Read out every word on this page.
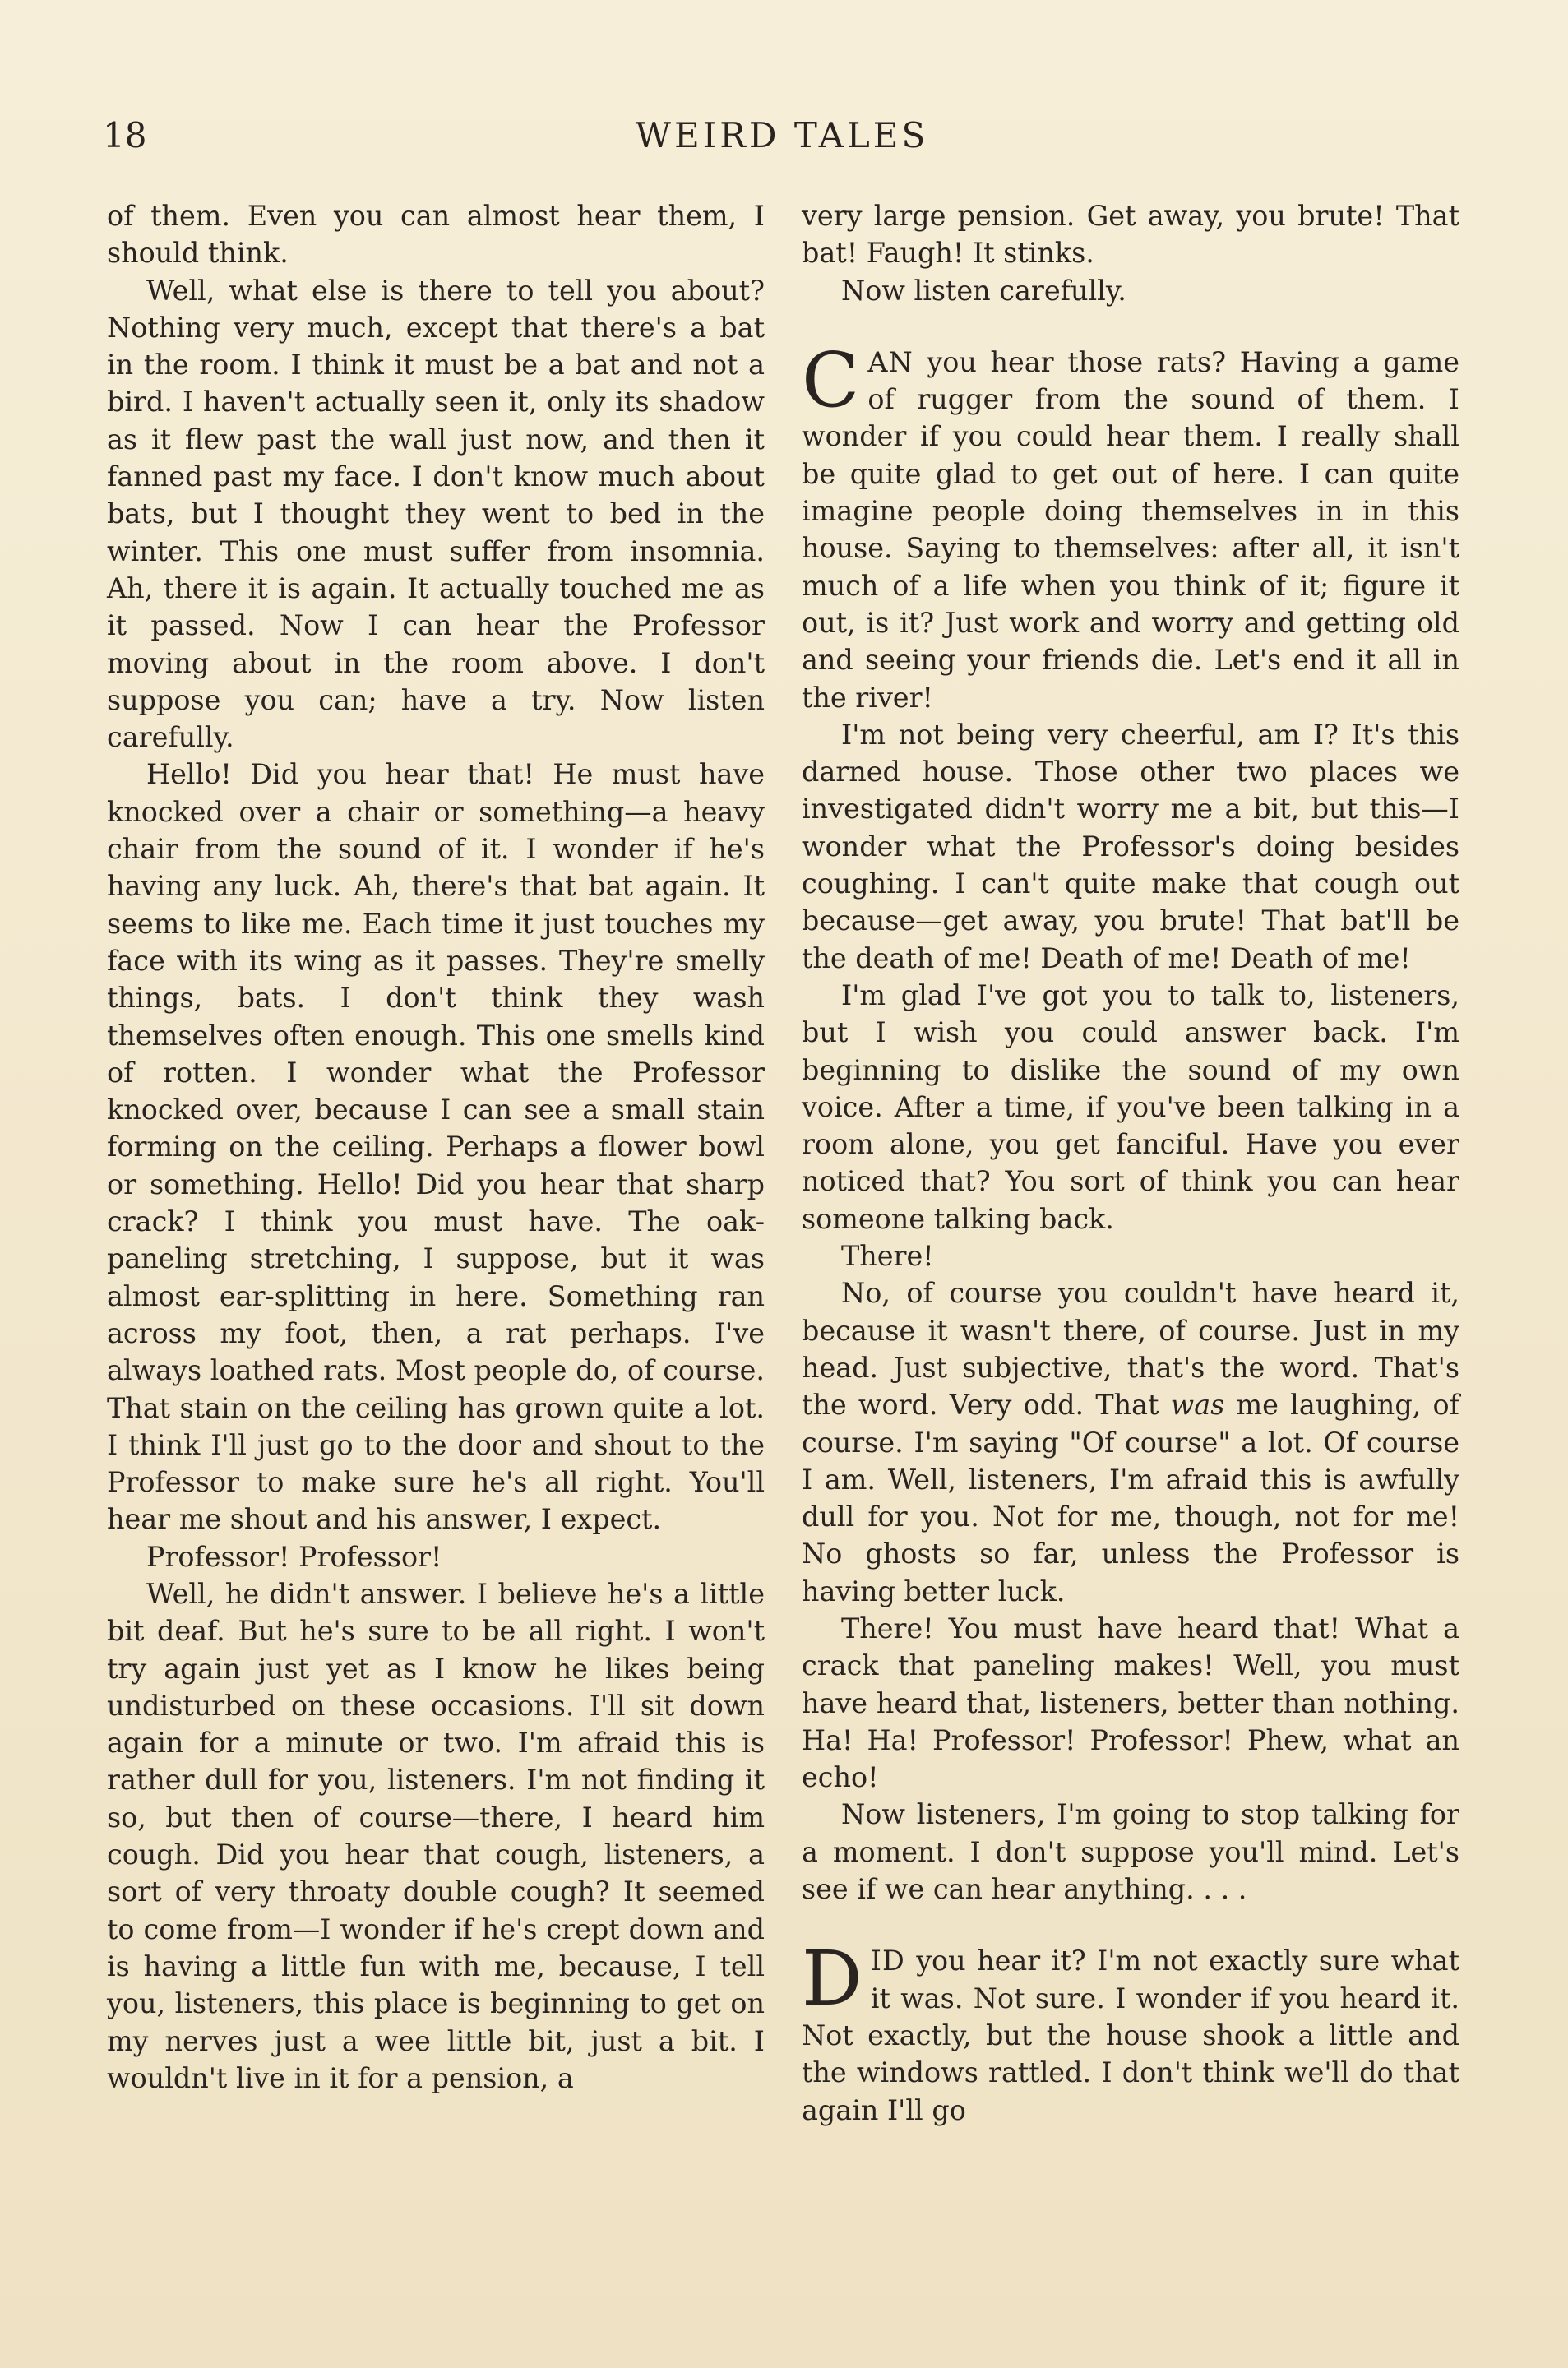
18	WEIRD TALES

of them. Even you can almost hear them, I should think.

Well, what else is there to tell you about? Nothing very much, except that there's a bat in the room. I think it must be a bat and not a bird. I haven't actually seen it, only its shadow as it flew past the wall just now, and then it fanned past my face. I don't know much about bats, but I thought they went to bed in the winter. This one must suffer from insomnia. Ah, there it is again. It actually touched me as it passed. Now I can hear the Professor moving about in the room above. I don't suppose you can; have a try. Now listen carefully.

Hello! Did you hear that! He must have knocked over a chair or something—a heavy chair from the sound of it. I wonder if he's having any luck. Ah, there's that bat again. It seems to like me. Each time it just touches my face with its wing as it passes. They're smelly things, bats. I don't think they wash themselves often enough. This one smells kind of rotten. I wonder what the Professor knocked over, because I can see a small stain forming on the ceiling. Perhaps a flower bowl or something. Hello! Did you hear that sharp crack? I think you must have. The oak-paneling stretching, I suppose, but it was almost ear-splitting in here. Something ran across my foot, then, a rat perhaps. I've always loathed rats. Most people do, of course. That stain on the ceiling has grown quite a lot. I think I'll just go to the door and shout to the Professor to make sure he's all right. You'll hear me shout and his answer, I expect.

Professor! Professor!

Well, he didn't answer. I believe he's a little bit deaf. But he's sure to be all right. I won't try again just yet as I know he likes being undisturbed on these occasions. I'll sit down again for a minute or two. I'm afraid this is rather dull for you, listeners. I'm not finding it so, but then of course—there, I heard him cough. Did you hear that cough, listeners, a sort of very throaty double cough? It seemed to come from—I wonder if he's crept down and is having a little fun with me, because, I tell you, listeners, this place is beginning to get on my nerves just a wee little bit, just a bit. I wouldn't live in it for a pension, a

very large pension. Get away, you brute! That bat! Faugh! It stinks.

Now listen carefully.

CAN you hear those rats? Having a game of rugger from the sound of them. I wonder if you could hear them. I really shall be quite glad to get out of here. I can quite imagine people doing themselves in in this house. Saying to themselves: after all, it isn't much of a life when you think of it; figure it out, is it? Just work and worry and getting old and seeing your friends die. Let's end it all in the river!

I'm not being very cheerful, am I? It's this darned house. Those other two places we investigated didn't worry me a bit, but this—I wonder what the Professor's doing besides coughing. I can't quite make that cough out because—get away, you brute! That bat'll be the death of me! Death of me! Death of me!

I'm glad I've got you to talk to, listeners, but I wish you could answer back. I'm beginning to dislike the sound of my own voice. After a time, if you've been talking in a room alone, you get fanciful. Have you ever noticed that? You sort of think you can hear someone talking back.

There!

No, of course you couldn't have heard it, because it wasn't there, of course. Just in my head. Just subjective, that's the word. That's the word. Very odd. That was me laughing, of course. I'm saying "Of course" a lot. Of course I am. Well, listeners, I'm afraid this is awfully dull for you. Not for me, though, not for me! No ghosts so far, unless the Professor is having better luck.

There! You must have heard that! What a crack that paneling makes! Well, you must have heard that, listeners, better than nothing. Ha! Ha! Professor! Professor! Phew, what an echo!

Now listeners, I'm going to stop talking for a moment. I don't suppose you'll mind. Let's see if we can hear anything. . . .

DID you hear it? I'm not exactly sure what it was. Not sure. I wonder if you heard it. Not exactly, but the house shook a little and the windows rattled. I don't think we'll do that again I'll go
